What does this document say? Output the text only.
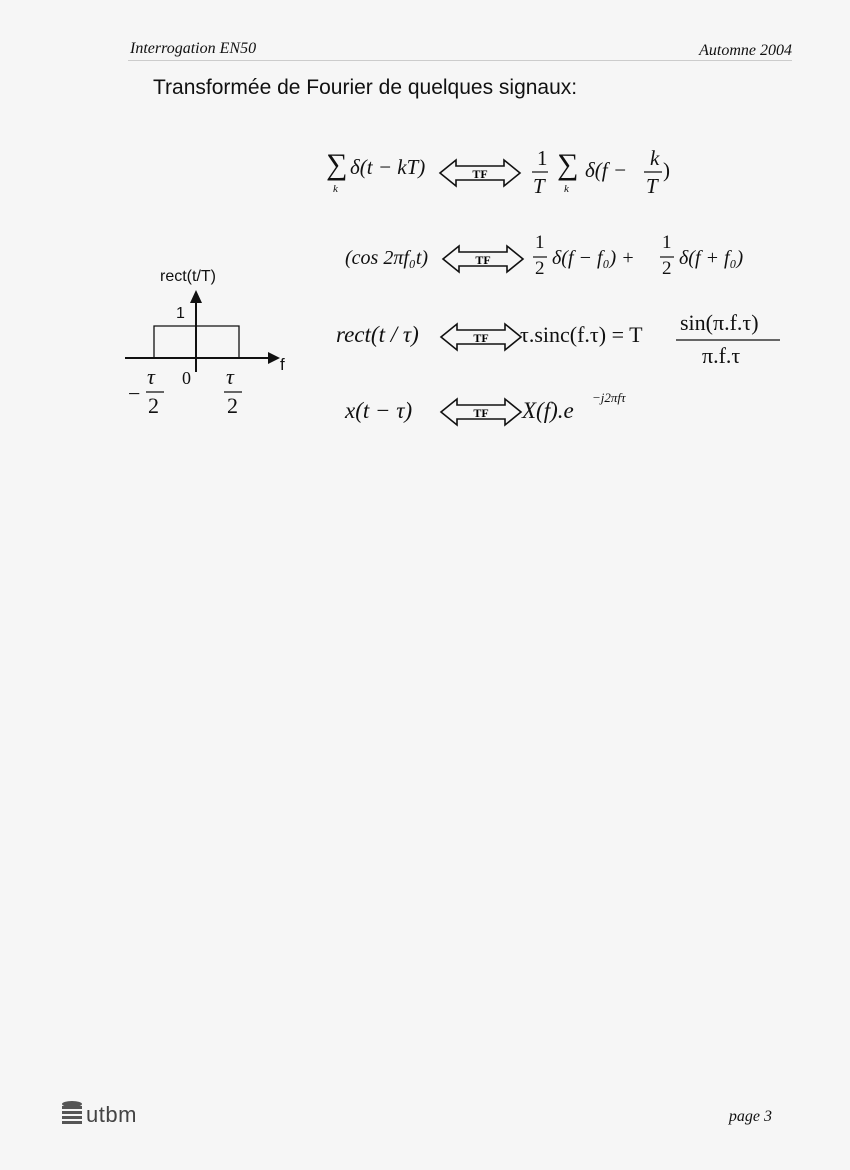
Interrogation EN50	Automne 2004
Transformée de Fourier de quelques signaux:
∑
k
δ(t − kT)	1
T
∑
k
δ(f − k
T
)
(cos 2πf₀t)
1
2 δ(f − f₀) +
1
2 δ(f + f₀)
rect(t / τ)	τ.sinc(f.τ) = T sin(π.f.τ)
π.f.τ
x(t − τ)	X(f).e
−j2πfτ
TF
TF
TF
TF
rect(t/T)
f
1
0
−
τ
2
τ
2
utbm	page 3
